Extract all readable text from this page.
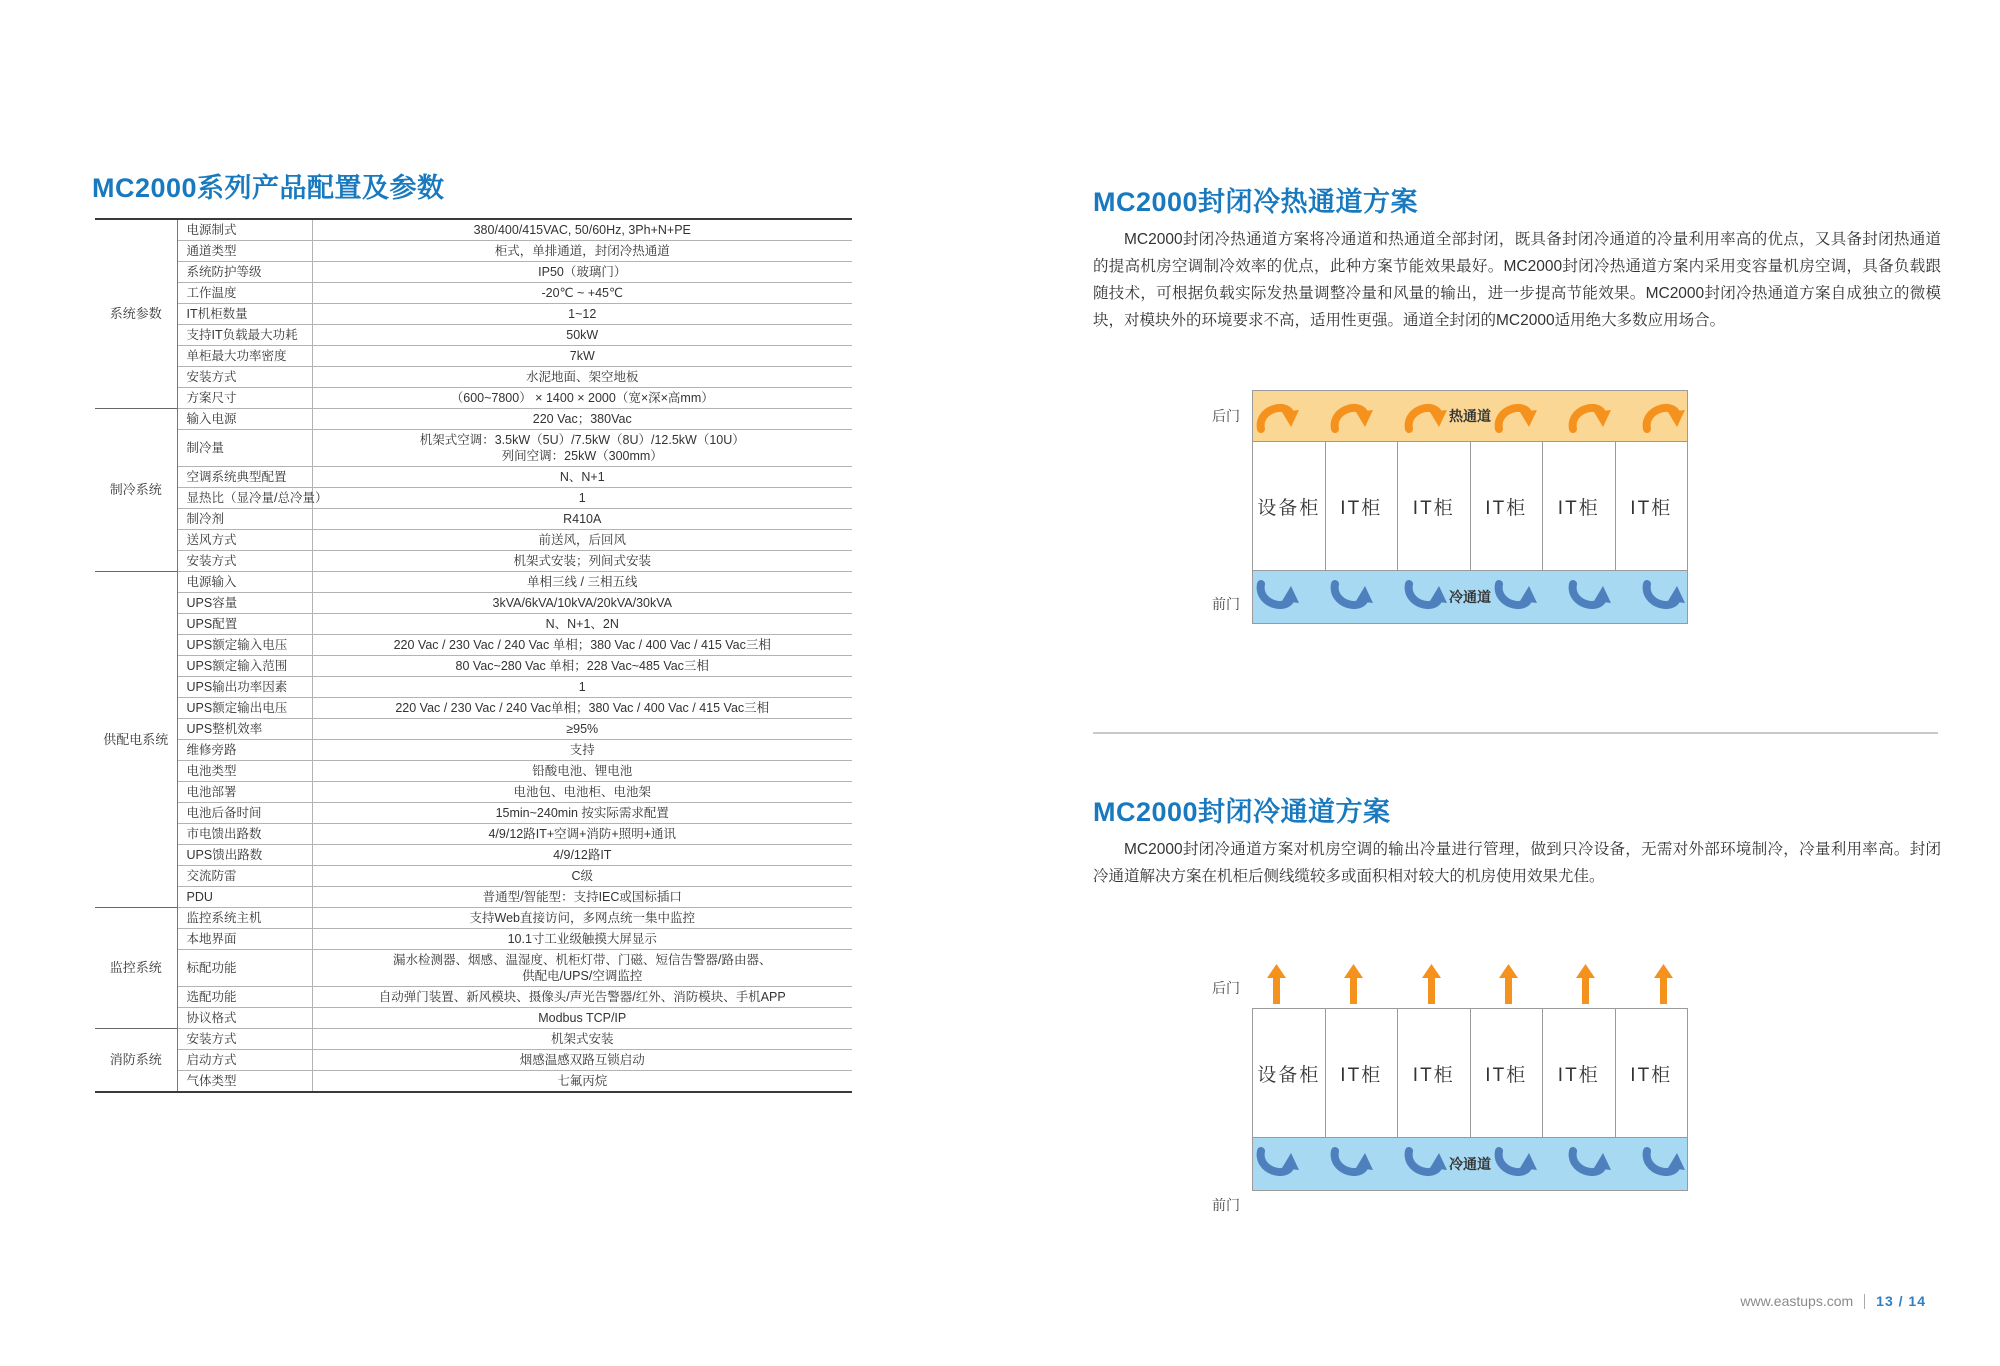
MC2000系列产品配置及参数
系统参数	电源制式	380/400/415VAC, 50/60Hz, 3Ph+N+PE

	通道类型	柜式，单排通道，封闭冷热通道

	系统防护等级	IP50（玻璃门）

	工作温度	-20℃ ~ +45℃

	IT机柜数量	1~12

	支持IT负载最大功耗	50kW

	单柜最大功率密度	7kW

	安装方式	水泥地面、架空地板

	方案尺寸	（600~7800） × 1400 × 2000（宽×深×高mm）

制冷系统	输入电源	220 Vac；380Vac

	制冷量	机架式空调：3.5kW（5U）/7.5kW（8U）/12.5kW（10U）
列间空调：25kW（300mm）

	空调系统典型配置	N、N+1

	显热比（显冷量/总冷量）	1

	制冷剂	R410A

	送风方式	前送风，后回风

	安装方式	机架式安装；列间式安装

供配电系统	电源输入	单相三线 / 三相五线

	UPS容量	3kVA/6kVA/10kVA/20kVA/30kVA

	UPS配置	N、N+1、2N

	UPS额定输入电压	220 Vac / 230 Vac / 240 Vac 单相；380 Vac / 400 Vac / 415 Vac三相

	UPS额定输入范围	80 Vac~280 Vac 单相；228 Vac~485 Vac三相

	UPS输出功率因素	1

	UPS额定输出电压	220 Vac / 230 Vac / 240 Vac单相；380 Vac / 400 Vac / 415 Vac三相

	UPS整机效率	≥95%

	维修旁路	支持

	电池类型	铅酸电池、锂电池

	电池部署	电池包、电池柜、电池架

	电池后备时间	15min~240min 按实际需求配置

	市电馈出路数	4/9/12路IT+空调+消防+照明+通讯

	UPS馈出路数	4/9/12路IT

	交流防雷	C级

	PDU	普通型/智能型：支持IEC或国标插口

监控系统	监控系统主机	支持Web直接访问，多网点统一集中监控

	本地界面	10.1寸工业级触摸大屏显示

	标配功能	漏水检测器、烟感、温湿度、机柜灯带、门磁、短信告警器/路由器、
供配电/UPS/空调监控

	选配功能	自动弹门装置、新风模块、摄像头/声光告警器/红外、消防模块、手机APP

	协议格式	Modbus TCP/IP

消防系统	安装方式	机架式安装

	启动方式	烟感温感双路互锁启动

	气体类型	七氟丙烷
MC2000封闭冷热通道方案
MC2000封闭冷热通道方案将冷通道和热通道全部封闭，既具备封闭冷通道的冷量利用率高的优点，又具备封闭热通道的提高机房空调制冷效率的优点，此种方案节能效果最好。MC2000封闭冷热通道方案内采用变容量机房空调，具备负载跟随技术，可根据负载实际发热量调整冷量和风量的输出，进一步提高节能效果。MC2000封闭冷热通道方案自成独立的微模块，对模块外的环境要求不高，适用性更强。通道全封闭的MC2000适用绝大多数应用场合。
后门	热通道
设备柜	IT柜	IT柜	IT柜	IT柜	IT柜
冷通道
前门
MC2000封闭冷通道方案
MC2000封闭冷通道方案对机房空调的输出冷量进行管理，做到只冷设备，无需对外部环境制冷，冷量利用率高。封闭冷通道解决方案在机柜后侧线缆较多或面积相对较大的机房使用效果尤佳。
后门
设备柜	IT柜	IT柜	IT柜	IT柜	IT柜
冷通道
前门
www.eastups.com 13 / 14
